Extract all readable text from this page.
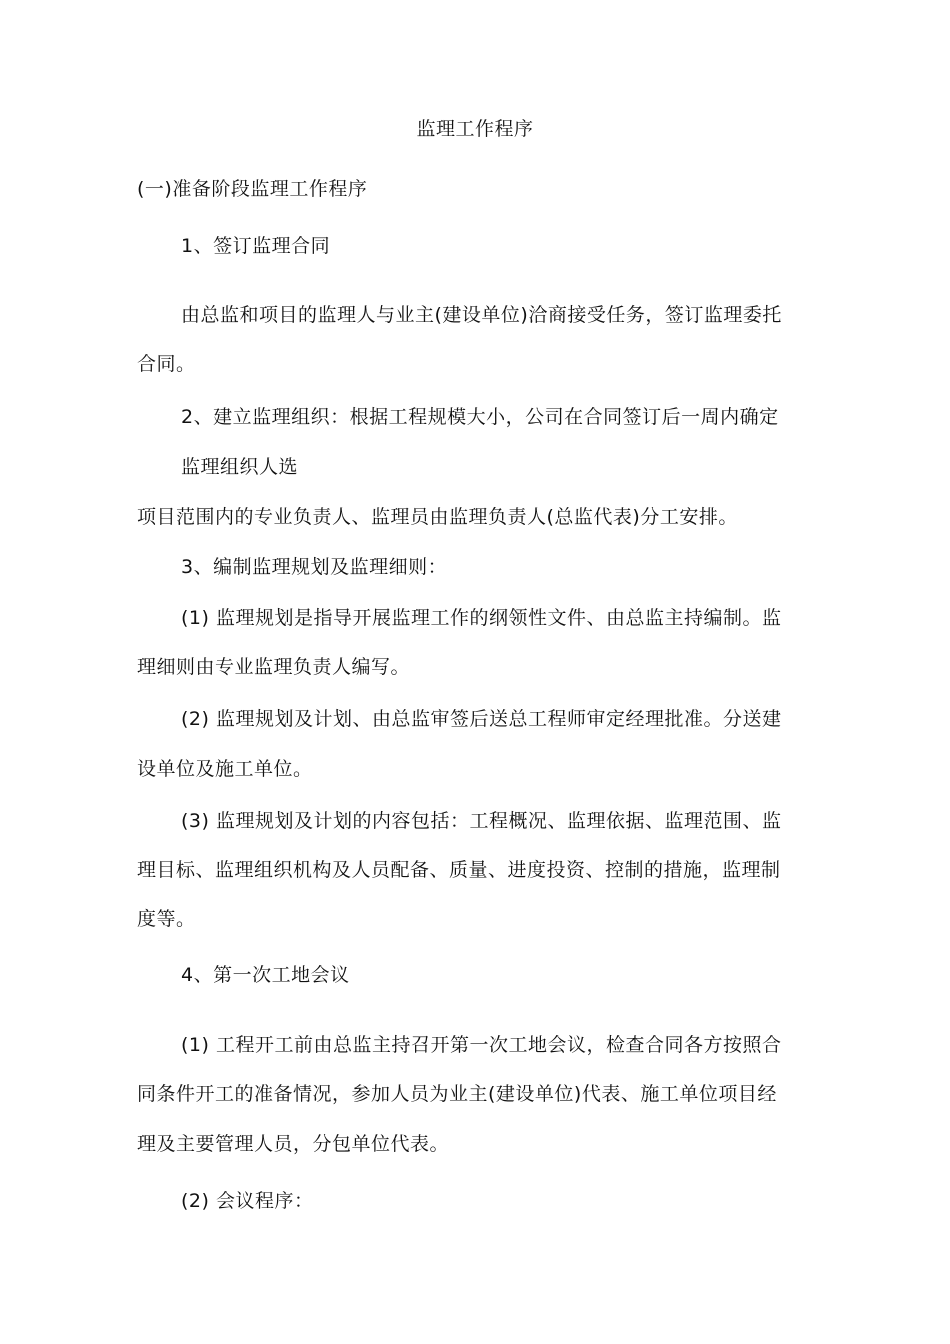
监理工作程序
(一)准备阶段监理工作程序
1、签订监理合同
由总监和项目的监理人与业主(建设单位)洽商接受任务，签订监理委托
合同。
2、建立监理组织：根据工程规模大小，公司在合同签订后一周内确定
监理组织人选
项目范围内的专业负责人、监理员由监理负责人(总监代表)分工安排。
3、编制监理规划及监理细则：
(1) 监理规划是指导开展监理工作的纲领性文件、由总监主持编制。监
理细则由专业监理负责人编写。
(2) 监理规划及计划、由总监审签后送总工程师审定经理批准。分送建
设单位及施工单位。
(3) 监理规划及计划的内容包括：工程概况、监理依据、监理范围、监
理目标、监理组织机构及人员配备、质量、进度投资、控制的措施，监理制
度等。
4、第一次工地会议
(1) 工程开工前由总监主持召开第一次工地会议，检查合同各方按照合
同条件开工的准备情况，参加人员为业主(建设单位)代表、施工单位项目经
理及主要管理人员，分包单位代表。
(2) 会议程序：
